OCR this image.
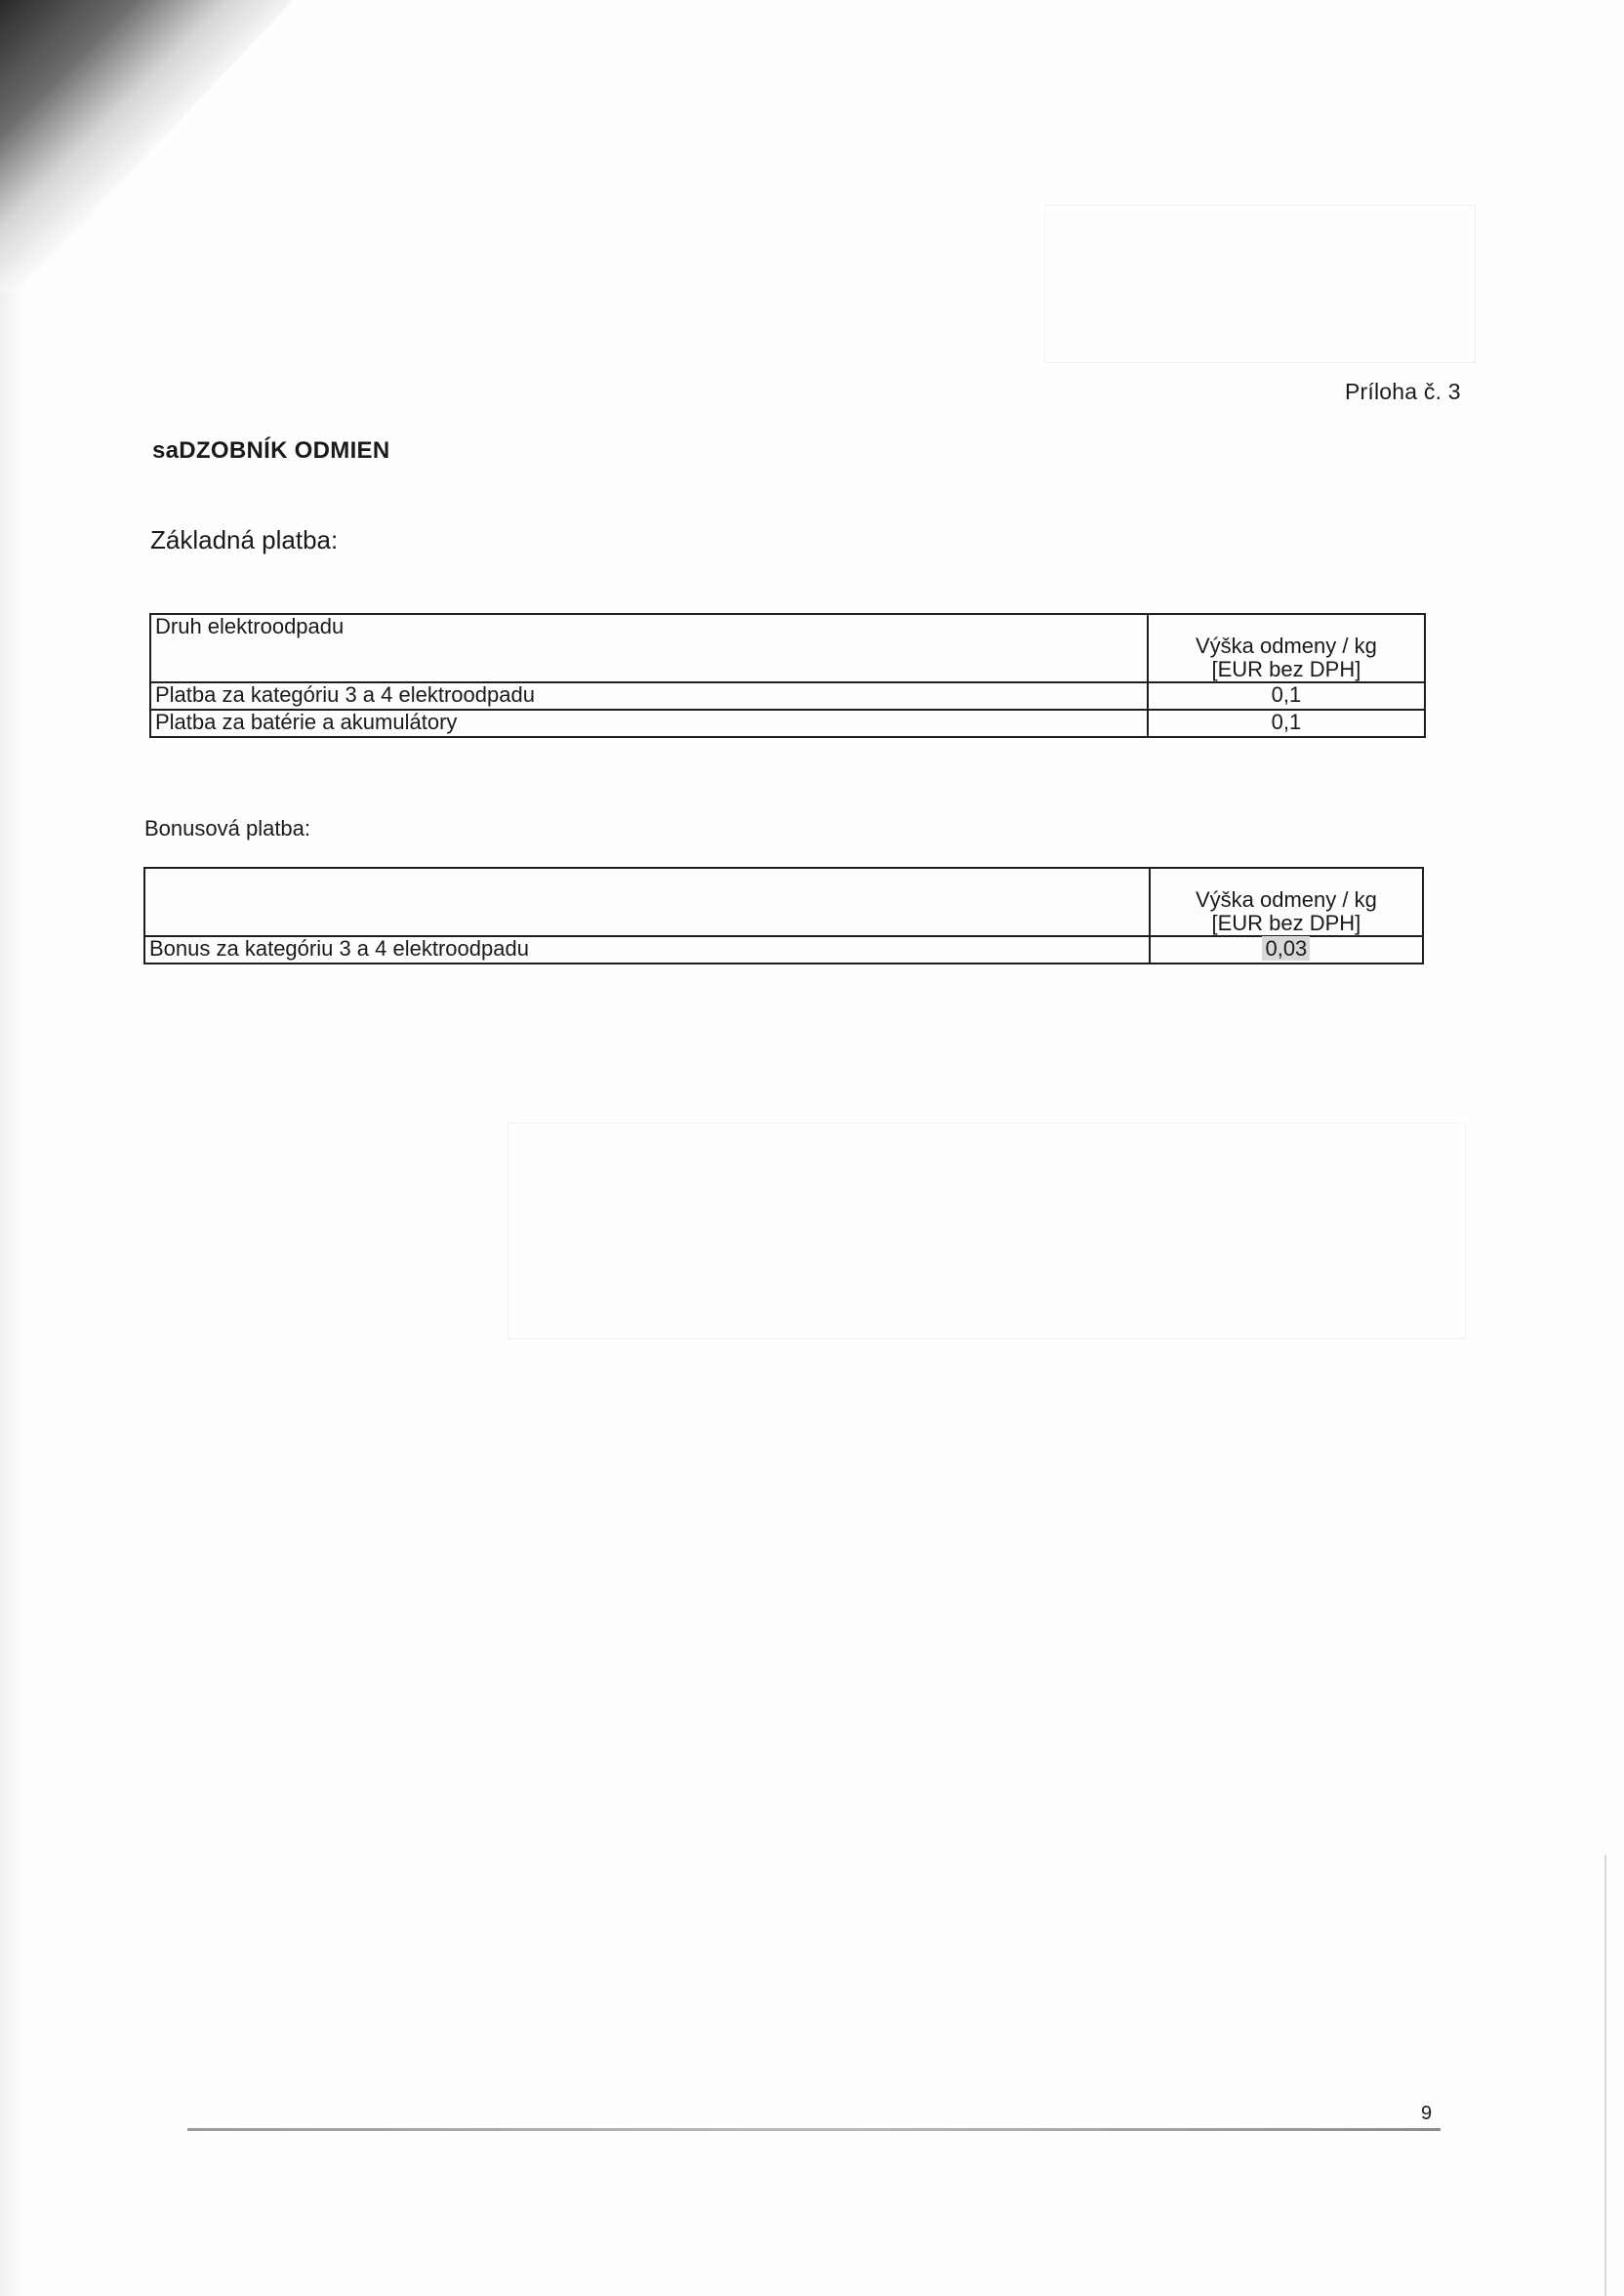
Príloha č. 3
saDZOBNÍK ODMIEN
Základná platba:
Druh elektroodpadu	Výška odmeny / kg
[EUR bez DPH]

Platba za kategóriu 3 a 4 elektroodpadu	0,1
Platba za batérie a akumulátory	0,1
Bonusová platba:

	Výška odmeny / kg
[EUR bez DPH]

Bonus za kategóriu 3 a 4 elektroodpadu	0,03
9
